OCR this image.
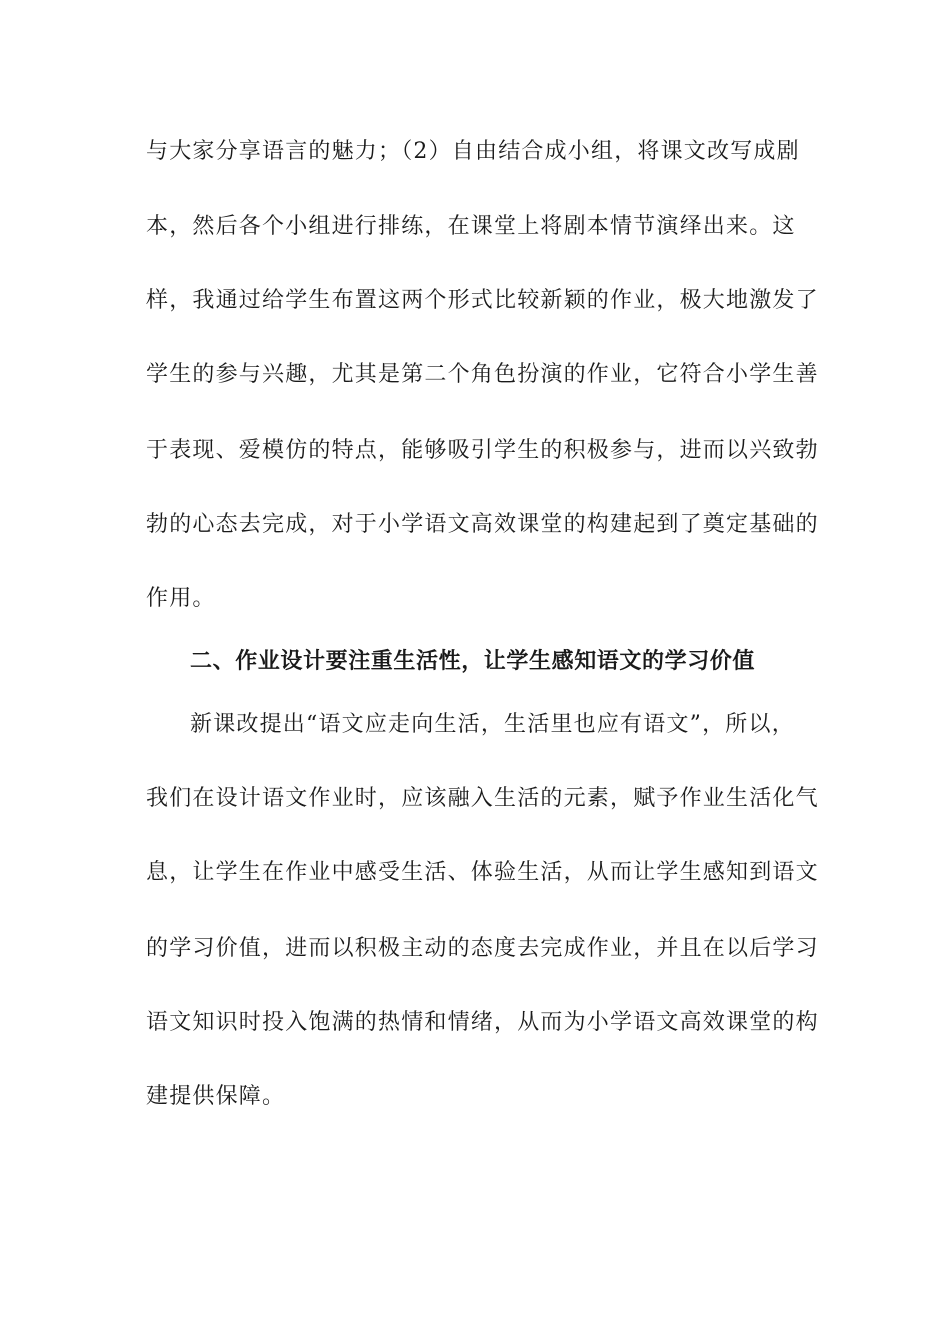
与大家分享语言的魅力；（2）自由结合成小组，将课文改写成剧
本，然后各个小组进行排练，在课堂上将剧本情节演绎出来。这
样，我通过给学生布置这两个形式比较新颖的作业，极大地激发了
学生的参与兴趣，尤其是第二个角色扮演的作业，它符合小学生善
于表现、爱模仿的特点，能够吸引学生的积极参与，进而以兴致勃
勃的心态去完成，对于小学语文高效课堂的构建起到了奠定基础的
作用。
二、作业设计要注重生活性，让学生感知语文的学习价值
新课改提出“语文应走向生活，生活里也应有语文”，所以，
我们在设计语文作业时，应该融入生活的元素，赋予作业生活化气
息，让学生在作业中感受生活、体验生活，从而让学生感知到语文
的学习价值，进而以积极主动的态度去完成作业，并且在以后学习
语文知识时投入饱满的热情和情绪，从而为小学语文高效课堂的构
建提供保障。
